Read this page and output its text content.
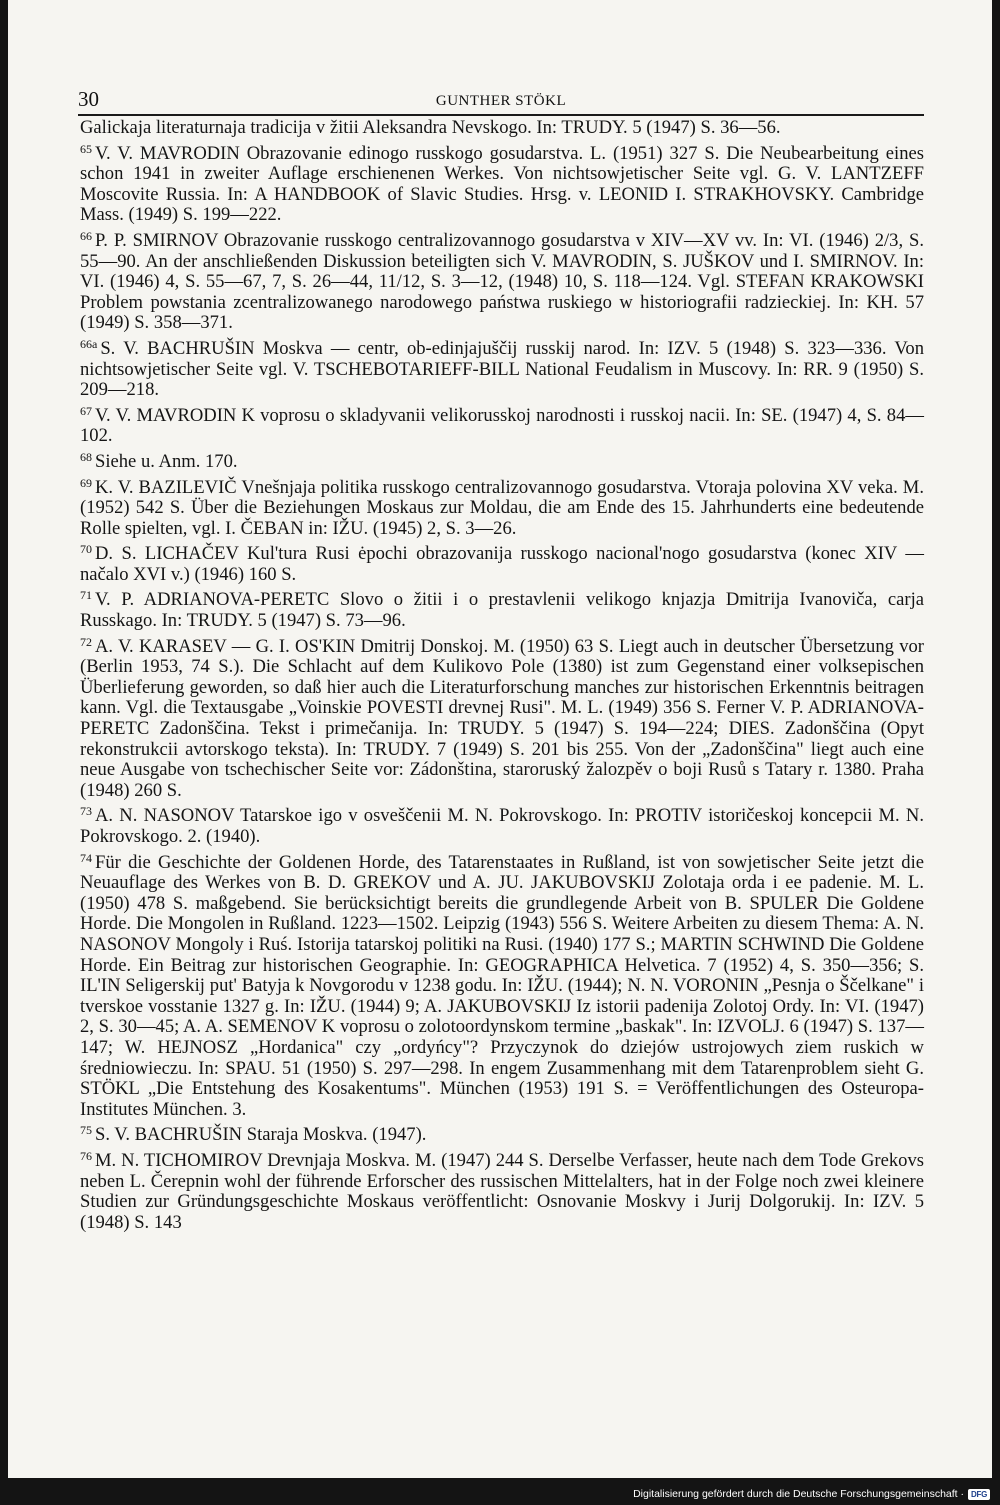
30	GUNTHER STÖKL

Galickaja literaturnaja tradicija v žitii Aleksandra Nevskogo. In: TRUDY. 5 (1947) S. 36—56.

$^{65}$ V. V. MAVRODIN Obrazovanie edinogo russkogo gosudarstva. L. (1951) 327 S. Die Neubearbeitung eines schon 1941 in zweiter Auflage erschienenen Werkes. Von nichtsowjetischer Seite vgl. G. V. LANTZEFF Moscovite Russia. In: A HANDBOOK of Slavic Studies. Hrsg. v. LEONID I. STRAKHOVSKY. Cambridge Mass. (1949) S. 199—222.

$^{66}$ P. P. SMIRNOV Obrazovanie russkogo centralizovannogo gosudarstva v XIV—XV vv. In: VI. (1946) 2/3, S. 55—90. An der anschließenden Diskussion beteiligten sich V. MAVRODIN, S. JUŠKOV und I. SMIRNOV. In: VI. (1946) 4, S. 55—67, 7, S. 26—44, 11/12, S. 3—12, (1948) 10, S. 118—124. Vgl. STEFAN KRAKOWSKI Problem powstania zcentralizowanego narodowego państwa ruskiego w historiografii radzieckiej. In: KH. 57 (1949) S. 358—371.

$^{66a}$ S. V. BACHRUŠIN Moskva — centr, ob-edinjajuščij russkij narod. In: IZV. 5 (1948) S. 323—336. Von nichtsowjetischer Seite vgl. V. TSCHEBOTARIEFF-BILL National Feudalism in Muscovy. In: RR. 9 (1950) S. 209—218.

$^{67}$ V. V. MAVRODIN K voprosu o skladyvanii velikorusskoj narodnosti i russkoj nacii. In: SE. (1947) 4, S. 84—102.

$^{68}$ Siehe u. Anm. 170.

$^{69}$ K. V. BAZILEVIČ Vnešnjaja politika russkogo centralizovannogo gosudarstva. Vtoraja polovina XV veka. M. (1952) 542 S. Über die Beziehungen Moskaus zur Moldau, die am Ende des 15. Jahrhunderts eine bedeutende Rolle spielten, vgl. I. ČEBAN in: IŽU. (1945) 2, S. 3—26.

$^{70}$ D. S. LICHAČEV Kul'tura Rusi ėpochi obrazovanija russkogo nacional'nogo gosudarstva (konec XIV — načalo XVI v.) (1946) 160 S.

$^{71}$ V. P. ADRIANOVA-PERETC Slovo o žitii i o prestavlenii velikogo knjazja Dmitrija Ivanoviča, carja Russkago. In: TRUDY. 5 (1947) S. 73—96.

$^{72}$ A. V. KARASEV — G. I. OS'KIN Dmitrij Donskoj. M. (1950) 63 S. Liegt auch in deutscher Übersetzung vor (Berlin 1953, 74 S.). Die Schlacht auf dem Kulikovo Pole (1380) ist zum Gegenstand einer volksepischen Überlieferung geworden, so daß hier auch die Literaturforschung manches zur historischen Erkenntnis beitragen kann. Vgl. die Textausgabe „Voinskie POVESTI drevnej Rusi". M. L. (1949) 356 S. Ferner V. P. ADRIANOVA-PERETC Zadonščina. Tekst i primečanija. In: TRUDY. 5 (1947) S. 194—224; DIES. Zadonščina (Opyt rekonstrukcii avtorskogo teksta). In: TRUDY. 7 (1949) S. 201 bis 255. Von der „Zadonščina" liegt auch eine neue Ausgabe von tschechischer Seite vor: Zádonština, staroruský žalozpěv o boji Rusů s Tatary r. 1380. Praha (1948) 260 S.

$^{73}$ A. N. NASONOV Tatarskoe igo v osveščenii M. N. Pokrovskogo. In: PROTIV istoričeskoj koncepcii M. N. Pokrovskogo. 2. (1940).

$^{74}$ Für die Geschichte der Goldenen Horde, des Tatarenstaates in Rußland, ist von sowjetischer Seite jetzt die Neuauflage des Werkes von B. D. GREKOV und A. JU. JAKUBOVSKIJ Zolotaja orda i ee padenie. M. L. (1950) 478 S. maßgebend. Sie berücksichtigt bereits die grundlegende Arbeit von B. SPULER Die Goldene Horde. Die Mongolen in Rußland. 1223—1502. Leipzig (1943) 556 S. Weitere Arbeiten zu diesem Thema: A. N. NASONOV Mongoly i Ruś. Istorija tatarskoj politiki na Rusi. (1940) 177 S.; MARTIN SCHWIND Die Goldene Horde. Ein Beitrag zur historischen Geographie. In: GEOGRAPHICA Helvetica. 7 (1952) 4, S. 350—356; S. IL'IN Seligerskij put' Batyja k Novgorodu v 1238 godu. In: IŽU. (1944); N. N. VORONIN „Pesnja o Ščelkane" i tverskoe vosstanie 1327 g. In: IŽU. (1944) 9; A. JAKUBOVSKIJ Iz istorii padenija Zolotoj Ordy. In: VI. (1947) 2, S. 30—45; A. A. SEMENOV K voprosu o zolotoordynskom termine „baskak". In: IZVOLJ. 6 (1947) S. 137—147; W. HEJNOSZ „Hordanica" czy „ordyńcy"? Przyczynok do dziejów ustrojowych ziem ruskich w średniowieczu. In: SPAU. 51 (1950) S. 297—298. In engem Zusammenhang mit dem Tatarenproblem sieht G. STÖKL „Die Entstehung des Kosakentums". München (1953) 191 S. = Veröffentlichungen des Osteuropa-Institutes München. 3.

$^{75}$ S. V. BACHRUŠIN Staraja Moskva. (1947).

$^{76}$ M. N. TICHOMIROV Drevnjaja Moskva. M. (1947) 244 S. Derselbe Verfasser, heute nach dem Tode Grekovs neben L. Čerepnin wohl der führende Erforscher des russischen Mittelalters, hat in der Folge noch zwei kleinere Studien zur Gründungsgeschichte Moskaus veröffentlicht: Osnovanie Moskvy i Jurij Dolgorukij. In: IZV. 5 (1948) S. 143

Digitalisierung gefördert durch die Deutsche Forschungsgemeinschaft · DFG
